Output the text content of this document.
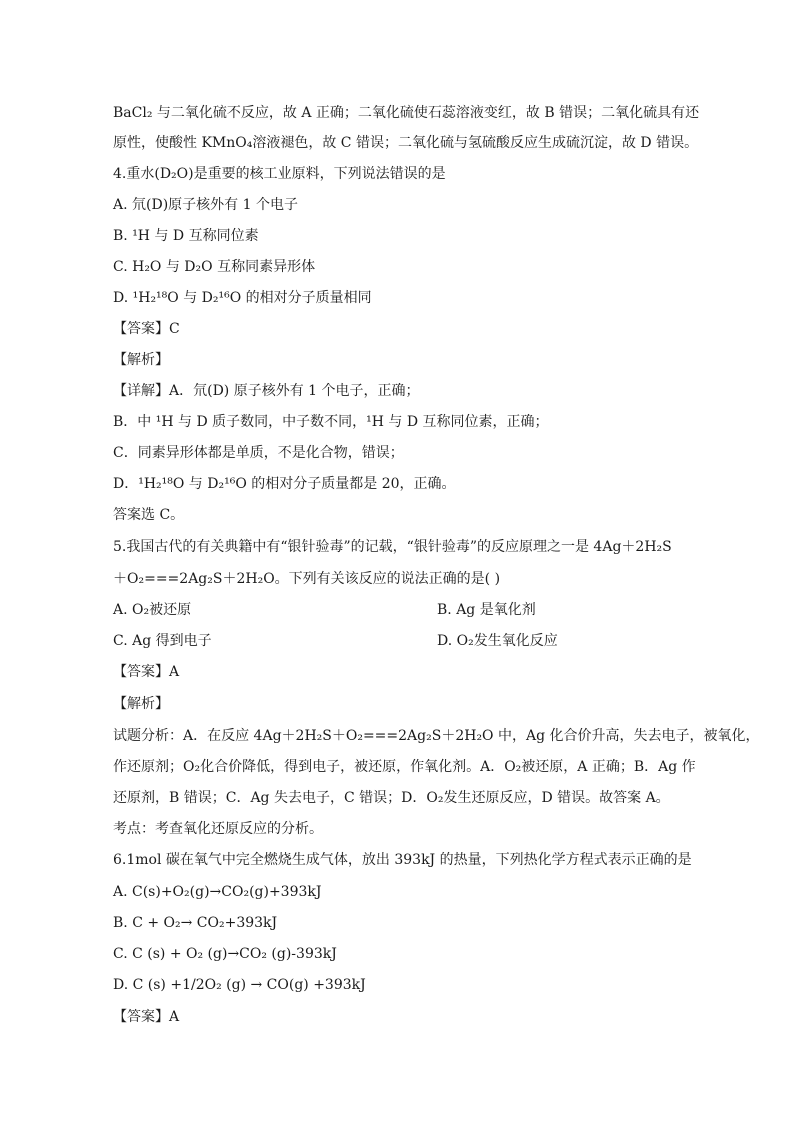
BaCl₂ 与二氧化硫不反应，故 A 正确；二氧化硫使石蕊溶液变红，故 B 错误；二氧化硫具有还
原性，使酸性 KMnO₄溶液褪色，故 C 错误；二氧化硫与氢硫酸反应生成硫沉淀，故 D 错误。
4.重水(D₂O)是重要的核工业原料，下列说法错误的是
A. 氘(D)原子核外有 1 个电子
B. ¹H 与 D 互称同位素
C. H₂O 与 D₂O 互称同素异形体
D. ¹H₂¹⁸O 与 D₂¹⁶O 的相对分子质量相同
【答案】C
【解析】
【详解】A．氘(D) 原子核外有 1 个电子，正确；
B．中 ¹H 与 D 质子数同，中子数不同，¹H 与 D 互称同位素，正确；
C．同素异形体都是单质，不是化合物，错误；
D．¹H₂¹⁸O 与 D₂¹⁶O 的相对分子质量都是 20，正确。
答案选 C。
5.我国古代的有关典籍中有“银针验毒”的记载，“银针验毒”的反应原理之一是 4Ag＋2H₂S
＋O₂===2Ag₂S＋2H₂O。下列有关该反应的说法正确的是( )
A. O₂被还原	B. Ag 是氧化剂
C. Ag 得到电子	D. O₂发生氧化反应
【答案】A
【解析】
试题分析：A．在反应 4Ag＋2H₂S＋O₂===2Ag₂S＋2H₂O 中，Ag 化合价升高，失去电子，被氧化，
作还原剂；O₂化合价降低，得到电子，被还原，作氧化剂。A．O₂被还原，A 正确；B．Ag 作
还原剂，B 错误；C．Ag 失去电子，C 错误；D．O₂发生还原反应，D 错误。故答案 A。
考点：考查氧化还原反应的分析。
6.1mol 碳在氧气中完全燃烧生成气体，放出 393kJ 的热量，下列热化学方程式表示正确的是
A. C(s)+O₂(g)→CO₂(g)+393kJ
B. C + O₂→ CO₂+393kJ
C. C (s) + O₂ (g)→CO₂ (g)-393kJ
D. C (s) +1/2O₂ (g) → CO(g) +393kJ
【答案】A
